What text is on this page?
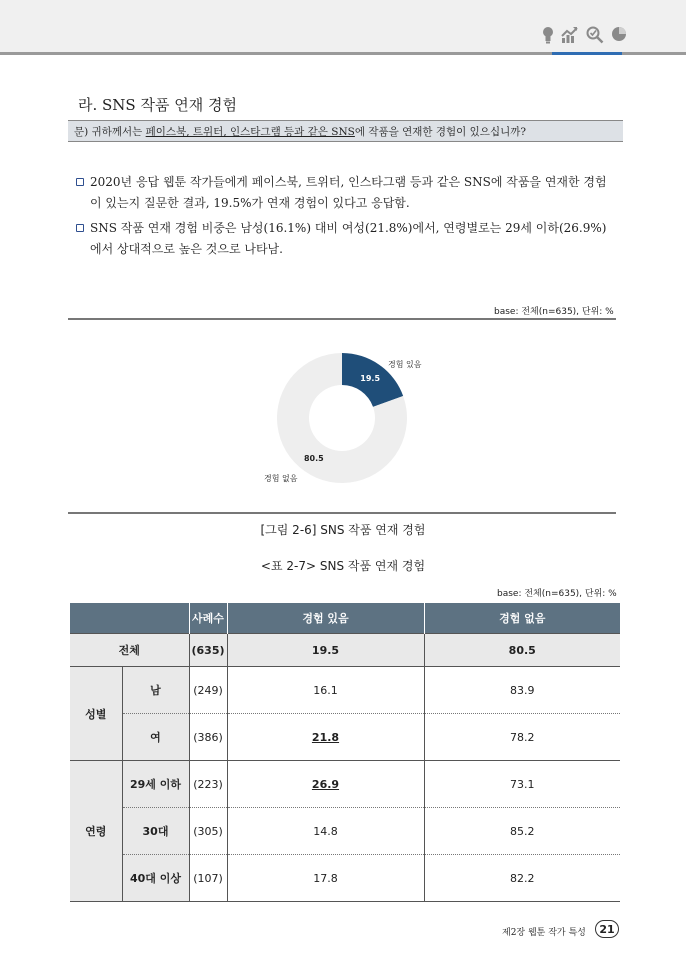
라. SNS 작품 연재 경험
문) 귀하께서는 페이스북, 트위터, 인스타그램 등과 같은 SNS에 작품을 연재한 경험이 있으십니까?
2020년 응답 웹툰 작가들에게 페이스북, 트위터, 인스타그램 등과 같은 SNS에 작품을 연재한 경험이 있는지 질문한 결과, 19.5%가 연재 경험이 있다고 응답함.
SNS 작품 연재 경험 비중은 남성(16.1%) 대비 여성(21.8%)에서, 연령별로는 29세 이하(26.9%)에서 상대적으로 높은 것으로 나타남.
base: 전체(n=635), 단위: %
19.5
80.5
경험 있음
경험 없음
[그림 2-6] SNS 작품 연재 경험
<표 2-7> SNS 작품 연재 경험
base: 전체(n=635), 단위: %
		사례수	경험 있음	경험 없음
전체		(635)	19.5	80.5
성별	남	(249)	16.1	83.9
	여	(386)	21.8	78.2
연령	29세 이하	(223)	26.9	73.1
	30대	(305)	14.8	85.2
	40대 이상	(107)	17.8	82.2
제2장 웹툰 작가 특성	21
